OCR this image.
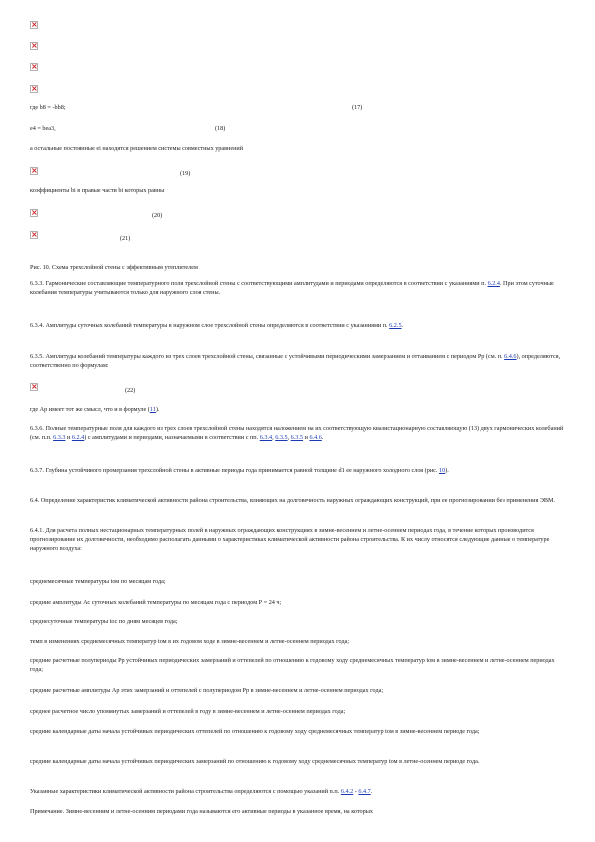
×
×
×
×
где b8 = -bb8;	(17)
e4 = beа3,	(18)
а остальные постоянные ei находятся решением системы совместных уравнений
×
(19)
коэффициенты bi в правые части bi которых равны
×
(20)
×
(21)
Рис. 10. Схема трехслойной стены с эффективным утеплителем
6.3.3. Гармонические составляющие температурного поля трехслойной стены с соответствующими амплитудами и периодами определяются в соответствии с указаниями п. 6.2.4. При этом суточные колебания температуры учитываются только для наружного слоя стены.
6.3.4. Амплитуды суточных колебаний температуры в наружном слое трехслойной стены определяются в соответствии с указаниями п. 6.2.5.
6.3.5. Амплитуды колебаний температуры каждого из трех слоев трехслойной стены, связанные с устойчивыми периодическими замерзанием и оттаиванием с периодом Рр (см. п. 6.4.6), определяются, соответственно по формулам:
×
(22)
где Ар имеет тот же смысл, что и в формуле (11).
6.3.6. Полные температурные поля для каждого из трех слоев трехслойной стены находятся наложением на их соответствующую квазистационарную составляющую (13) двух гармонических колебаний (см. п.п. 6.3.3 и 6.2.4) с амплитудами и периодами, назначаемыми в соответствии с пп. 6.3.4, 6.3.5, 6.3.5 и 6.4.6.
6.3.7. Глубина устойчивого промерзания трехслойной стены в активные периоды года принимается равной толщине d1 ее наружного холодного слоя (рис. 10).
6.4. Определение характеристик климатической активности района строительства, влияющих на долговечность наружных ограждающих конструкций, при ее прогнозировании без применения ЭВМ.
6.4.1. Для расчета полных нестационарных температурных полей в наружных ограждающих конструкциях в зимне-весеннем и летне-осеннем периодах года, в течение которых производится прогнозирование их долговечности, необходимо располагать данными о характеристиках климатической активности района строительства. К их числу относятся следующие данные о температуре наружного воздуха:
среднемесячные температуры tом по месяцам года;
средние амплитуды Ас суточных колебаний температуры по месяцам года с периодом Р = 24 ч;
среднесуточные температуры tос по дням месяцев года;
темп в изменениях среднемесячных температур tом в их годовом ходе в зимне-весеннем и летне-осеннем периодах года;
средние расчетные полупериоды Рр устойчивых периодических замерзаний и оттепелей по отношению к годовому ходу среднемесячных температур tом в зимне-весеннем и летне-осеннем периодах года;
средние расчетные амплитуды Ар этих замерзаний и оттепелей с полупериодом Рр в зимне-весеннем и летне-осеннем периодах года;
среднее расчетное число упомянутых замерзаний и оттепелей в году в зимне-весеннем и летне-осеннем периодах года;
средние календарные даты начала устойчивых периодических оттепелей по отношению к годовому ходу среднемесячных температур tом в зимне-весеннем периоде года;
средние календарные даты начала устойчивых периодических замерзаний по отношению к годовому ходу среднемесячных температур tом в летне-осеннем периоде года.
Указанные характеристики климатической активности района строительства определяются с помощью указаний п.п. 6.4.2 - 6.4.7.
Примечание. Зимне-весенним и летне-осенним периодами года называются его активные периоды в указанное время, на которых
